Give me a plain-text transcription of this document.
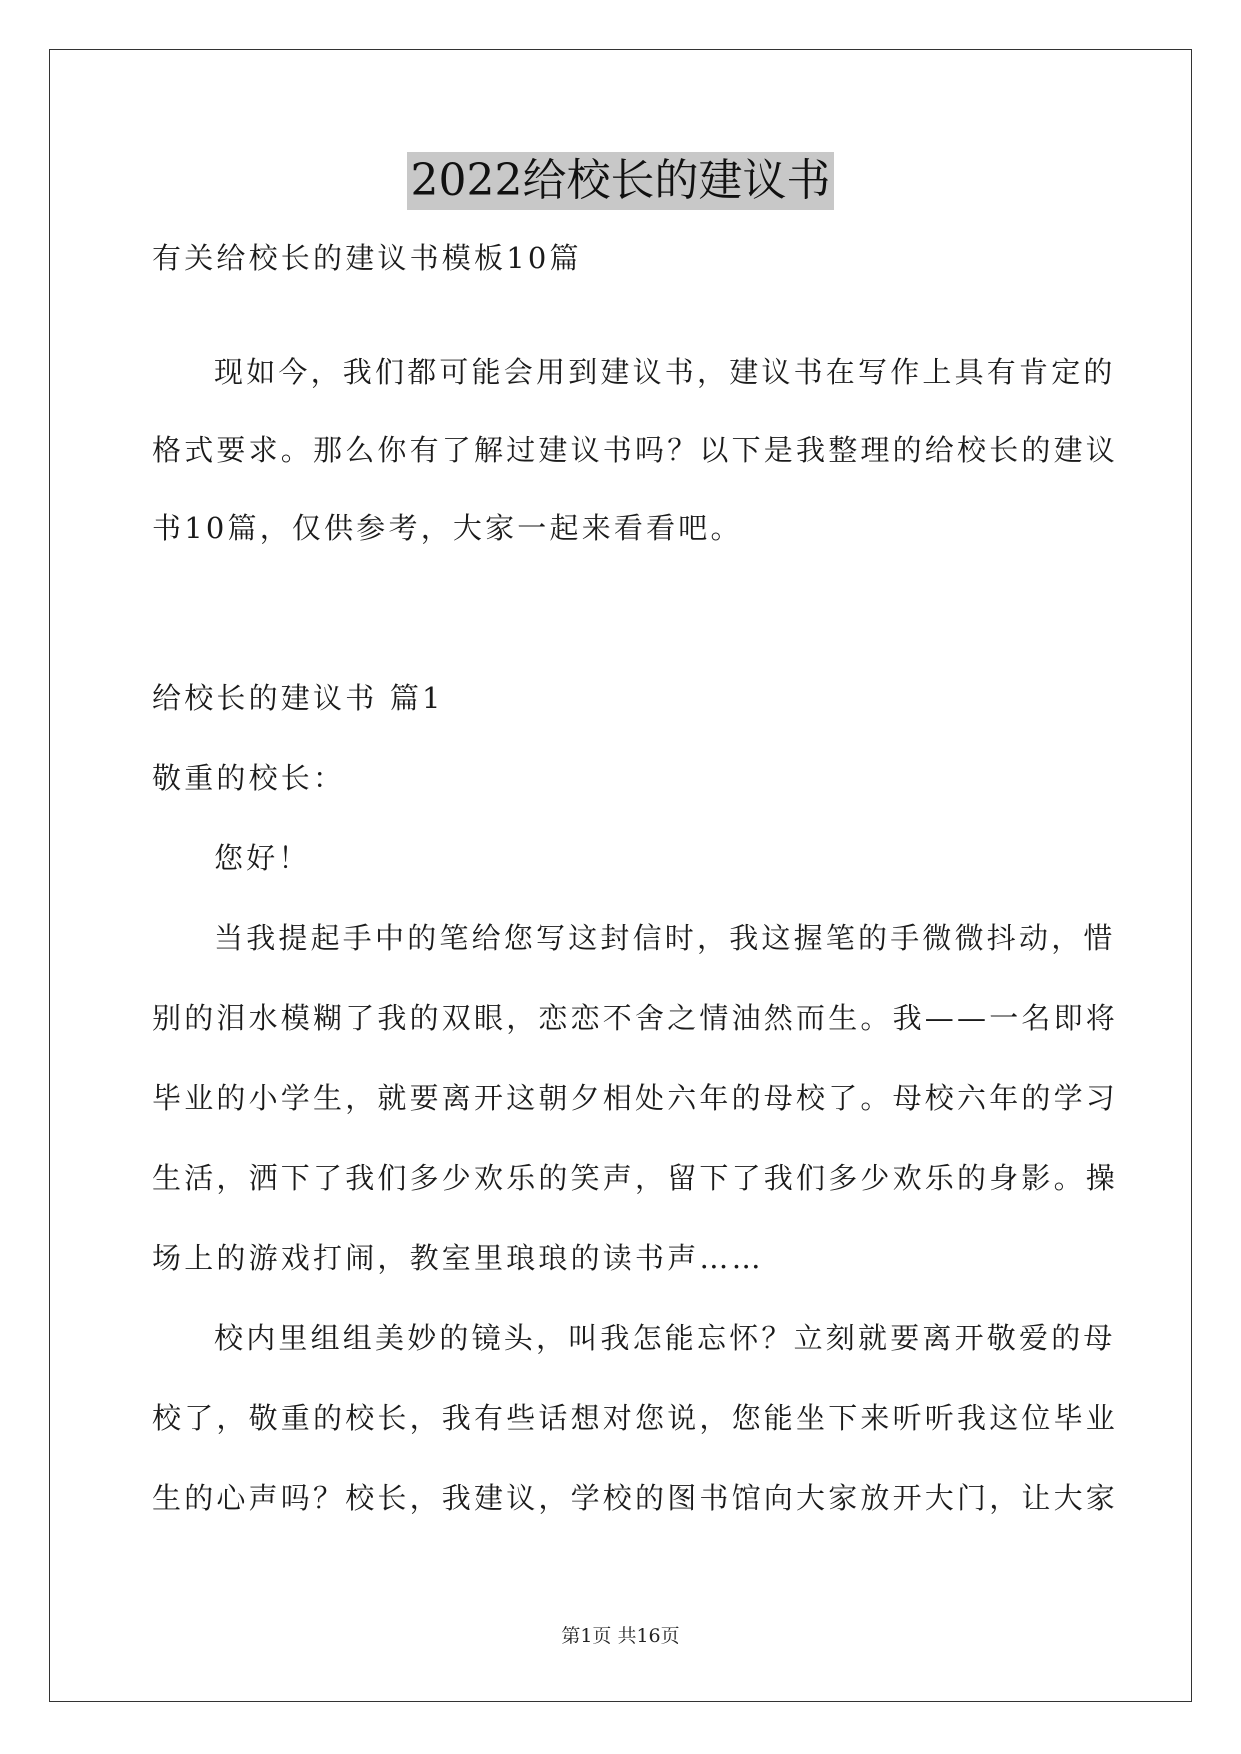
2022给校长的建议书
有关给校长的建议书模板10篇
现如今，我们都可能会用到建议书，建议书在写作上具有肯定的
格式要求。那么你有了解过建议书吗？以下是我整理的给校长的建议
书10篇，仅供参考，大家一起来看看吧。
给校长的建议书 篇1
敬重的校长：
您好！
当我提起手中的笔给您写这封信时，我这握笔的手微微抖动，惜
别的泪水模糊了我的双眼，恋恋不舍之情油然而生。我——一名即将
毕业的小学生，就要离开这朝夕相处六年的母校了。母校六年的学习
生活，洒下了我们多少欢乐的笑声，留下了我们多少欢乐的身影。操
场上的游戏打闹，教室里琅琅的读书声……
校内里组组美妙的镜头，叫我怎能忘怀？立刻就要离开敬爱的母
校了，敬重的校长，我有些话想对您说，您能坐下来听听我这位毕业
生的心声吗？校长，我建议，学校的图书馆向大家放开大门，让大家
第1页 共16页
